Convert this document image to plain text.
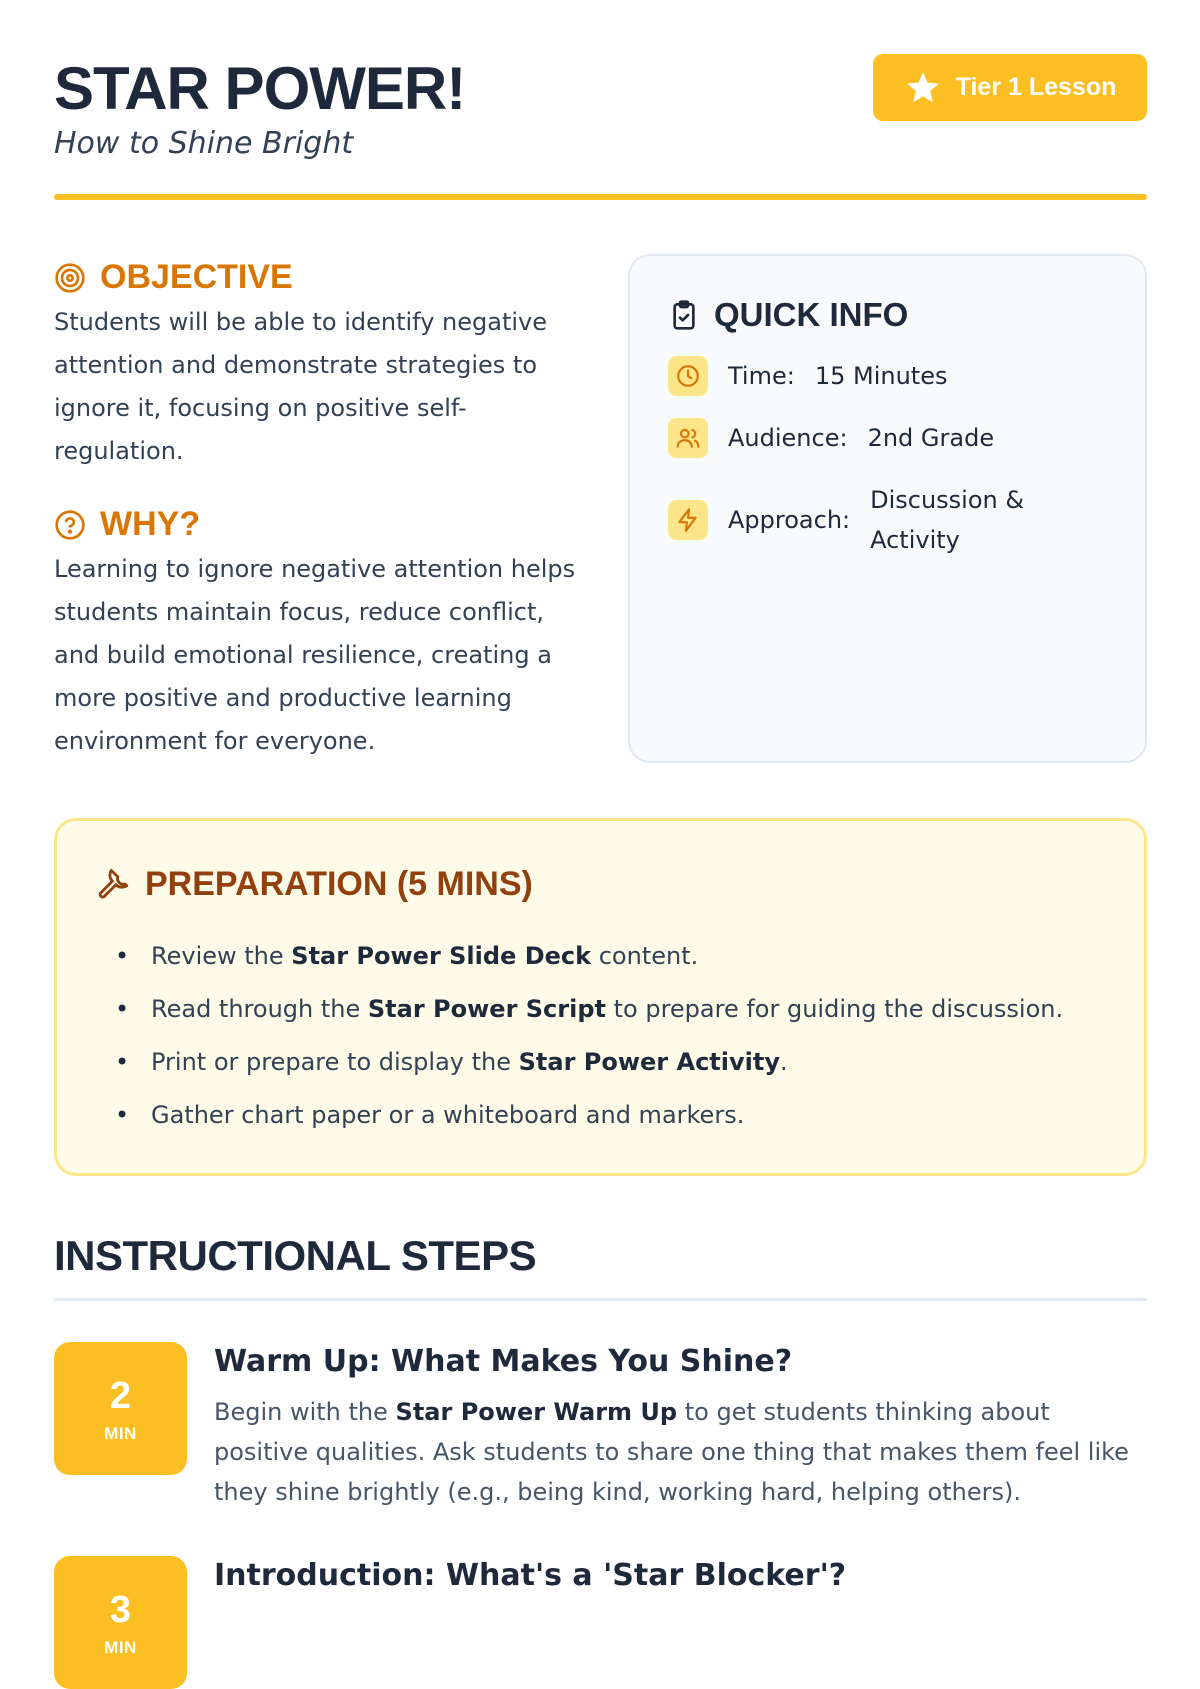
STAR POWER!
How to Shine Bright
Tier 1 Lesson
OBJECTIVE

Students will be able to identify negative attention and demonstrate strategies to ignore it, focusing on positive self-regulation.

WHY?

Learning to ignore negative attention helps students maintain focus, reduce conflict, and build emotional resilience, creating a more positive and productive learning environment for everyone.

QUICK INFO
Time: 15 Minutes
Audience: 2nd Grade
Approach:
Discussion & Activity
PREPARATION (5 MINS)
• Review the Star Power Slide Deck content.
• Read through the Star Power Script to prepare for guiding the discussion.
• Print or prepare to display the Star Power Activity.
• Gather chart paper or a whiteboard and markers.
INSTRUCTIONAL STEPS
2
MIN
Warm Up: What Makes You Shine?

Begin with the Star Power Warm Up to get students thinking about positive qualities. Ask students to share one thing that makes them feel like they shine brightly (e.g., being kind, working hard, helping others).

3
MIN
Introduction: What's a 'Star Blocker'?
